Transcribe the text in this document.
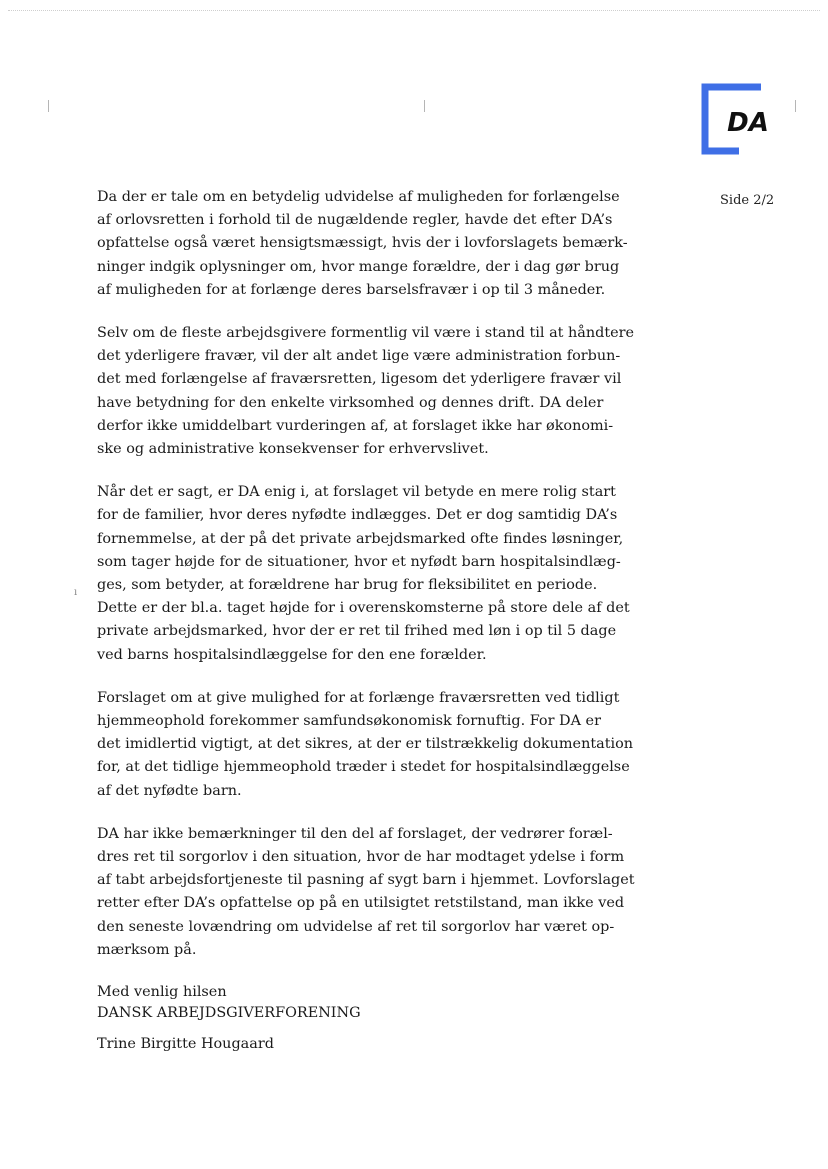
DA
Side 2/2
ı

Da der er tale om en betydelig udvidelse af muligheden for forlængelse
af orlovsretten i forhold til de nugældende regler, havde det efter DA’s
opfattelse også været hensigtsmæssigt, hvis der i lovforslagets bemærk-
ninger indgik oplysninger om, hvor mange forældre, der i dag gør brug
af muligheden for at forlænge deres barselsfravær i op til 3 måneder.

Selv om de fleste arbejdsgivere formentlig vil være i stand til at håndtere
det yderligere fravær, vil der alt andet lige være administration forbun-
det med forlængelse af fraværsretten, ligesom det yderligere fravær vil
have betydning for den enkelte virksomhed og dennes drift. DA deler
derfor ikke umiddelbart vurderingen af, at forslaget ikke har økonomi-
ske og administrative konsekvenser for erhvervslivet.

Når det er sagt, er DA enig i, at forslaget vil betyde en mere rolig start
for de familier, hvor deres nyfødte indlægges. Det er dog samtidig DA’s
fornemmelse, at der på det private arbejdsmarked ofte findes løsninger,
som tager højde for de situationer, hvor et nyfødt barn hospitalsindlæg-
ges, som betyder, at forældrene har brug for fleksibilitet en periode.
Dette er der bl.a. taget højde for i overenskomsterne på store dele af det
private arbejdsmarked, hvor der er ret til frihed med løn i op til 5 dage
ved barns hospitalsindlæggelse for den ene forælder.

Forslaget om at give mulighed for at forlænge fraværsretten ved tidligt
hjemmeophold forekommer samfundsøkonomisk fornuftig. For DA er
det imidlertid vigtigt, at det sikres, at der er tilstrækkelig dokumentation
for, at det tidlige hjemmeophold træder i stedet for hospitalsindlæggelse
af det nyfødte barn.

DA har ikke bemærkninger til den del af forslaget, der vedrører foræl-
dres ret til sorgorlov i den situation, hvor de har modtaget ydelse i form
af tabt arbejdsfortjeneste til pasning af sygt barn i hjemmet. Lovforslaget
retter efter DA’s opfattelse op på en utilsigtet retstilstand, man ikke ved
den seneste lovændring om udvidelse af ret til sorgorlov har været op-
mærksom på.

Med venlig hilsen
DANSK ARBEJDSGIVERFORENING
Trine Birgitte Hougaard
